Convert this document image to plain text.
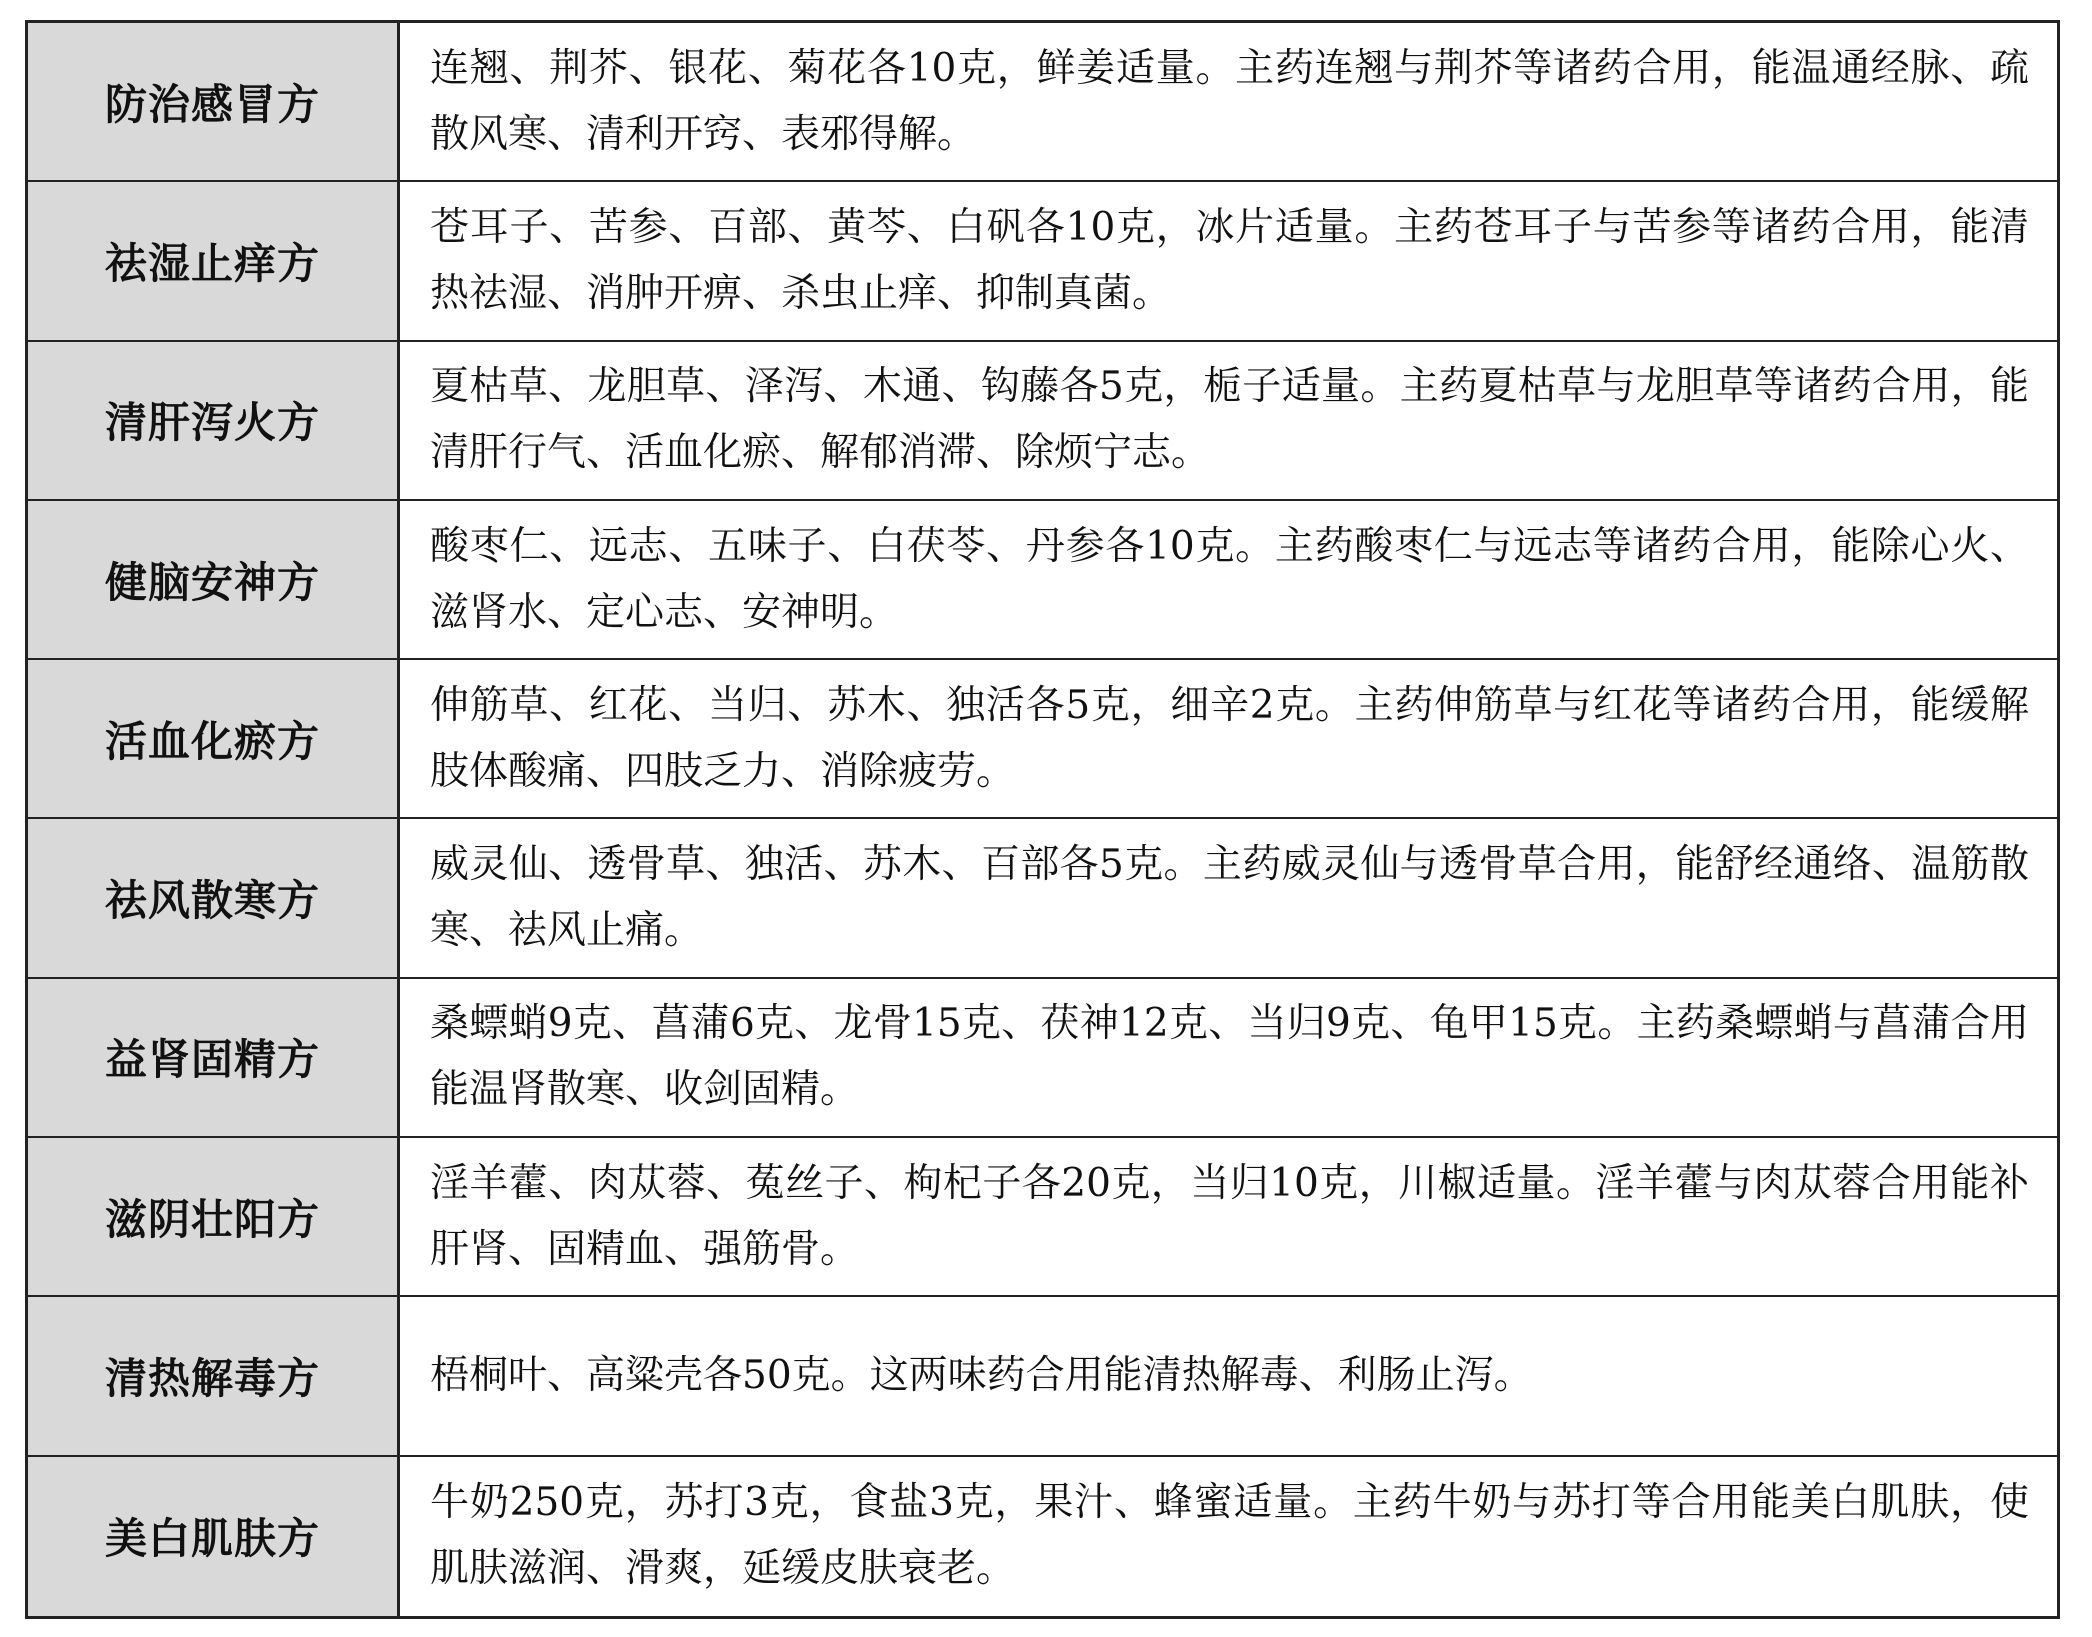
防治感冒方
连翘、荆芥、银花、菊花各10克，鲜姜适量。主药连翘与荆芥等诸药合用，能温通经脉、疏散风寒、清利开窍、表邪得解。
祛湿止痒方
苍耳子、苦参、百部、黄芩、白矾各10克，冰片适量。主药苍耳子与苦参等诸药合用，能清热祛湿、消肿开痹、杀虫止痒、抑制真菌。
清肝泻火方
夏枯草、龙胆草、泽泻、木通、钩藤各5克，栀子适量。主药夏枯草与龙胆草等诸药合用，能清肝行气、活血化瘀、解郁消滞、除烦宁志。
健脑安神方
酸枣仁、远志、五味子、白茯苓、丹参各10克。主药酸枣仁与远志等诸药合用，能除心火、滋肾水、定心志、安神明。
活血化瘀方
伸筋草、红花、当归、苏木、独活各5克，细辛2克。主药伸筋草与红花等诸药合用，能缓解肢体酸痛、四肢乏力、消除疲劳。
祛风散寒方
威灵仙、透骨草、独活、苏木、百部各5克。主药威灵仙与透骨草合用，能舒经通络、温筋散寒、祛风止痛。
益肾固精方
桑螵蛸9克、菖蒲6克、龙骨15克、茯神12克、当归9克、龟甲15克。主药桑螵蛸与菖蒲合用能温肾散寒、收剑固精。
滋阴壮阳方
淫羊藿、肉苁蓉、菟丝子、枸杞子各20克，当归10克，川椒适量。淫羊藿与肉苁蓉合用能补肝肾、固精血、强筋骨。
清热解毒方	梧桐叶、高粱壳各50克。这两味药合用能清热解毒、利肠止泻。
美白肌肤方
牛奶250克，苏打3克，食盐3克，果汁、蜂蜜适量。主药牛奶与苏打等合用能美白肌肤，使肌肤滋润、滑爽，延缓皮肤衰老。
